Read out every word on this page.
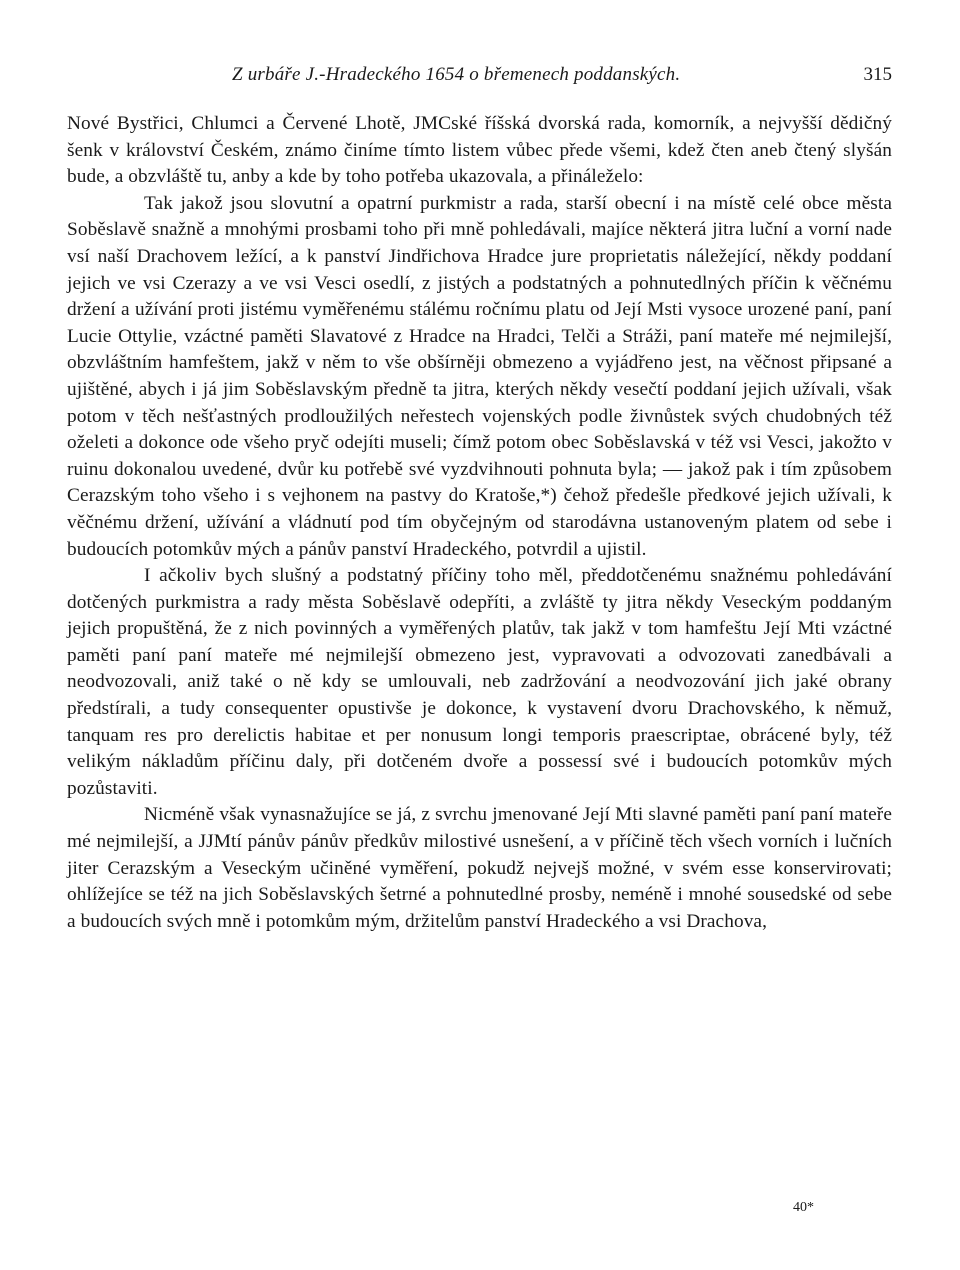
Z urbáře J.-Hradeckého 1654 o břemenech poddanských.	315

Nové Bystřici, Chlumci a Červené Lhotě, JMCské říšská dvorská rada, komorník, a nejvyšší dědičný šenk v království Českém, známo činíme tímto listem vůbec přede všemi, kdež čten aneb čtený slyšán bude, a obzvláště tu, anby a kde by toho potřeba ukazovala, a přináleželo:

Tak jakož jsou slovutní a opatrní purkmistr a rada, starší obecní i na místě celé obce města Soběslavě snažně a mnohými prosbami toho při mně pohledávali, majíce některá jitra luční a vorní nade vsí naší Drachovem ležící, a k panství Jindřichova Hradce jure proprietatis náležející, někdy poddaní jejich ve vsi Czerazy a ve vsi Vesci osedlí, z jistých a podstatných a pohnutedlných příčin k věčnému držení a užívání proti jistému vyměřenému stálému ročnímu platu od Její Msti vysoce urozené paní, paní Lucie Ottylie, vzáctné paměti Slavatové z Hradce na Hradci, Telči a Stráži, paní mateře mé nejmilejší, obzvláštním hamfeštem, jakž v něm to vše obšírněji obmezeno a vyjádřeno jest, na věčnost připsané a ujištěné, abych i já jim Soběslavským předně ta jitra, kterých někdy vesečtí poddaní jejich užívali, však potom v těch nešťastných prodloužilých neřestech vojenských podle živnůstek svých chudobných též oželeti a dokonce ode všeho pryč odejíti museli; čímž potom obec Soběslavská v též vsi Vesci, jakožto v ruinu dokonalou uvedené, dvůr ku potřebě své vyzdvihnouti pohnuta byla; — jakož pak i tím způsobem Cerazským toho všeho i s vejhonem na pastvy do Kratoše,*) čehož předešle předkové jejich užívali, k věčnému držení, užívání a vládnutí pod tím obyčejným od starodávna ustanoveným platem od sebe i budoucích potomkův mých a pánův panství Hradeckého, potvrdil a ujistil.

I ačkoliv bych slušný a podstatný příčiny toho měl, předdotčenému snažnému pohledávání dotčených purkmistra a rady města Soběslavě odepříti, a zvláště ty jitra někdy Veseckým poddaným jejich propuštěná, že z nich povinných a vyměřených platův, tak jakž v tom hamfeštu Její Mti vzáctné paměti paní paní mateře mé nejmilejší obmezeno jest, vypravovati a odvozovati zanedbávali a neodvozovali, aniž také o ně kdy se umlouvali, neb zadržování a neodvozování jich jaké obrany předstírali, a tudy consequenter opustivše je dokonce, k vystavení dvoru Drachovského, k němuž, tanquam res pro derelictis habitae et per nonusum longi temporis praescriptae, obrácené byly, též velikým nákladům příčinu daly, při dotčeném dvoře a possessí své i budoucích potomkův mých pozůstaviti.

Nicméně však vynasnažujíce se já, z svrchu jmenované Její Mti slavné paměti paní paní mateře mé nejmilejší, a JJMtí pánův pánův předkův milostivé usnešení, a v příčině těch všech vorních i lučních jiter Cerazským a Veseckým učiněné vyměření, pokudž nejvejš možné, v svém esse konservirovati; ohlížejíce se též na jich Soběslavských šetrné a pohnutedlné prosby, neméně i mnohé sousedské od sebe a budoucích svých mně i potomkům mým, držitelům panství Hradeckého a vsi Drachova,

40*
